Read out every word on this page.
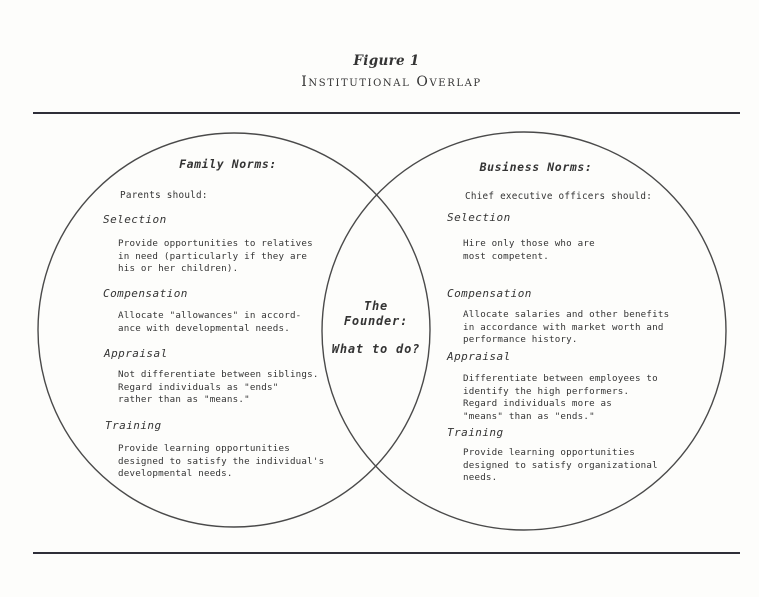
Figure 1
Institutional Overlap
Family Norms:
Parents should:
Selection
Provide opportunities to relatives
in need (particularly if they are
his or her children).
Compensation
Allocate "allowances" in accord-
ance with developmental needs.
Appraisal
Not differentiate between siblings.
Regard individuals as "ends"
rather than as "means."
Training
Provide learning opportunities
designed to satisfy the individual's
developmental needs.
Business Norms:
Chief executive officers should:
Selection
Hire only those who are
most competent.
Compensation
Allocate salaries and other benefits
in accordance with market worth and
performance history.
Appraisal
Differentiate between employees to
identify the high performers.
Regard individuals more as
"means" than as "ends."
Training
Provide learning opportunities
designed to satisfy organizational
needs.
The
Founder:
What to do?
